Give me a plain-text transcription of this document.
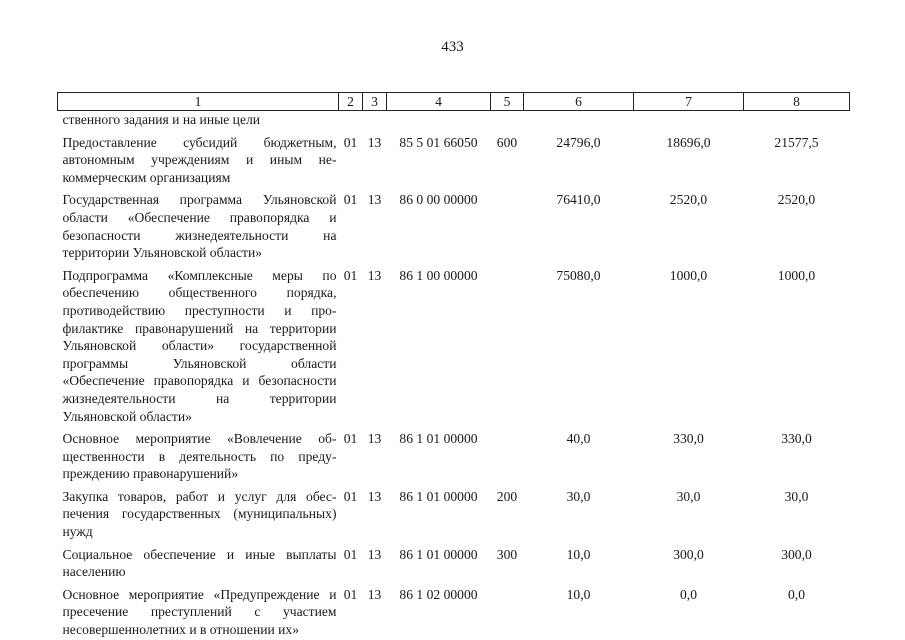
433
1	2	3	4	5	6	7	8
ственного задания и на иные цели							
Предоставление субсидий бюджетным, автономным учреждениям и иным некоммерческим организациям	01	13	85 5 01 66050	600	24796,0	18696,0	21577,5
Государственная программа Ульяновской области «Обеспечение правопорядка и безопасности жизнедеятельности на территории Ульяновской области»	01	13	86 0 00 00000		76410,0	2520,0	2520,0
Подпрограмма «Комплексные меры по обеспечению общественного порядка, противодействию преступности и профилактике правонарушений на территории Ульяновской области» государственной программы Ульяновской области «Обеспечение правопорядка и безопасности жизнедеятельности на территории Ульяновской области»	01	13	86 1 00 00000		75080,0	1000,0	1000,0
Основное мероприятие «Вовлечение общественности в деятельность по предупреждению правонарушений»	01	13	86 1 01 00000		40,0	330,0	330,0
Закупка товаров, работ и услуг для обеспечения государственных (муниципальных) нужд	01	13	86 1 01 00000	200	30,0	30,0	30,0
Социальное обеспечение и иные выплаты населению	01	13	86 1 01 00000	300	10,0	300,0	300,0
Основное мероприятие «Предупреждение и пресечение преступлений с участием несовершеннолетних и в отношении их»	01	13	86 1 02 00000		10,0	0,0	0,0
